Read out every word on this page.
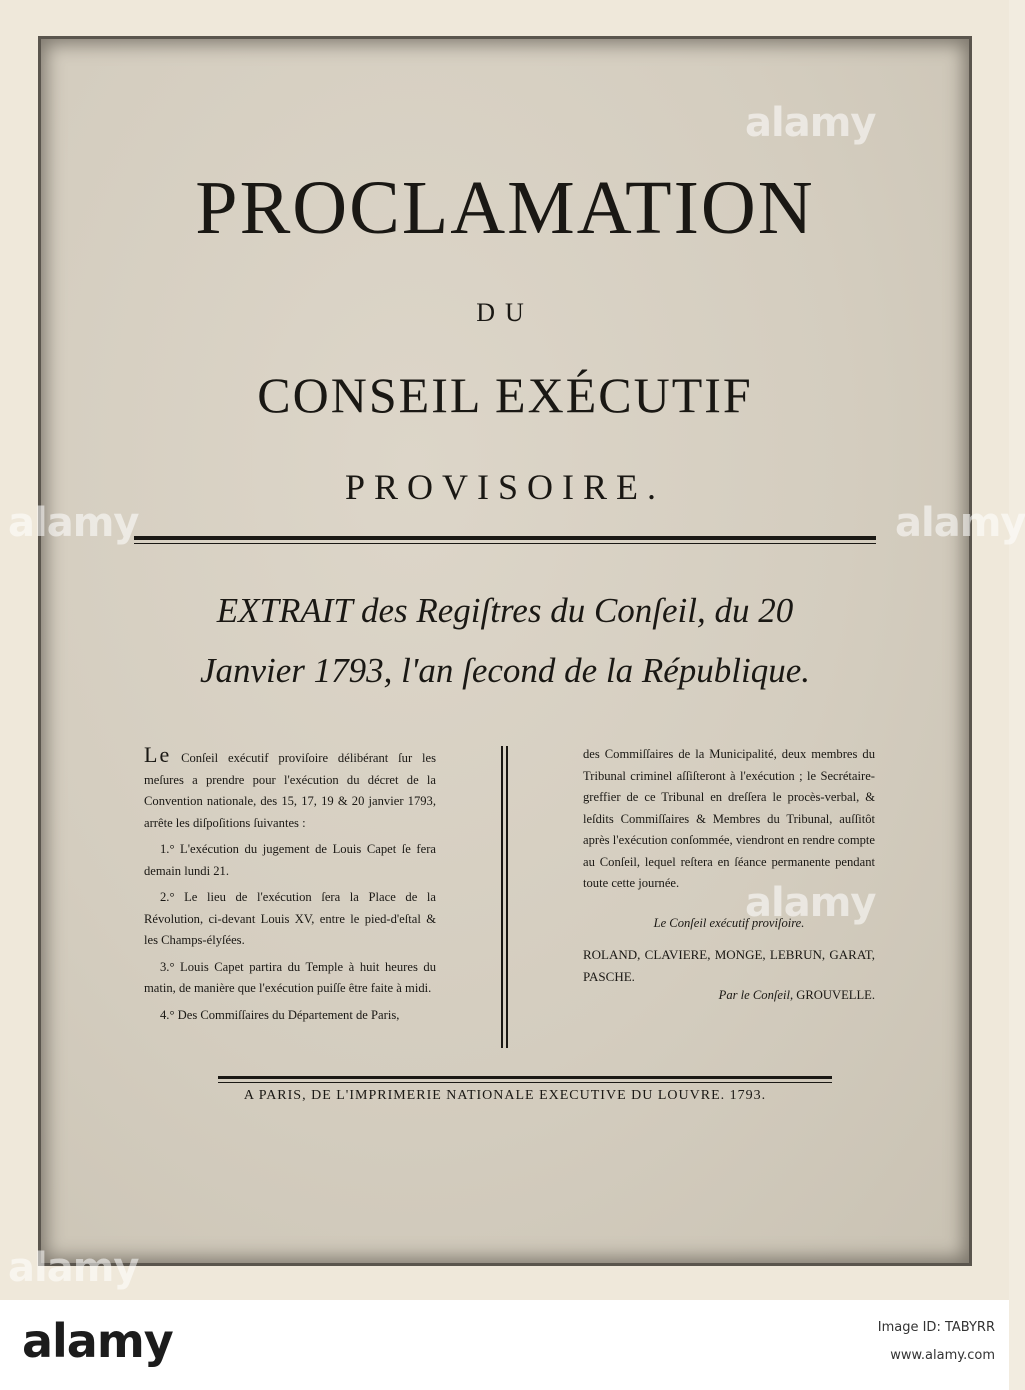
PROCLAMATION
DU
CONSEIL EXÉCUTIF
PROVISOIRE.
EXTRAIT des Regiſtres du Conſeil, du 20
Janvier 1793, l'an ſecond de la République.

Le Conſeil exécutif proviſoire délibérant ſur les meſures a prendre pour l'exécution du décret de la Convention nationale, des 15, 17, 19 & 20 janvier 1793, arrête les diſpoſitions ſuivantes :

1.° L'exécution du jugement de Louis Capet ſe fera demain lundi 21.

2.° Le lieu de l'exécution ſera la Place de la Révolution, ci-devant Louis XV, entre le pied-d'eſtal & les Champs-élyſées.

3.° Louis Capet partira du Temple à huit heures du matin, de manière que l'exécution puiſſe être faite à midi.

4.° Des Commiſſaires du Département de Paris,

des Commiſſaires de la Municipalité, deux membres du Tribunal criminel aſſiſteront à l'exécution ; le Secrétaire-greffier de ce Tribunal en dreſſera le procès-verbal, & leſdits Commiſſaires & Membres du Tribunal, auſſitôt après l'exécution conſommée, viendront en rendre compte au Conſeil, lequel reſtera en ſéance permanente pendant toute cette journée.

Le Conſeil exécutif proviſoire.

ROLAND, CLAVIERE, MONGE, LEBRUN, GARAT, PASCHE.

Par le Conſeil, GROUVELLE.

A PARIS, DE L'IMPRIMERIE NATIONALE EXECUTIVE DU LOUVRE. 1793.
alamy
alamy	alamy
alamy
alamy
alamy	Image ID: TABYRR
www.alamy.com
